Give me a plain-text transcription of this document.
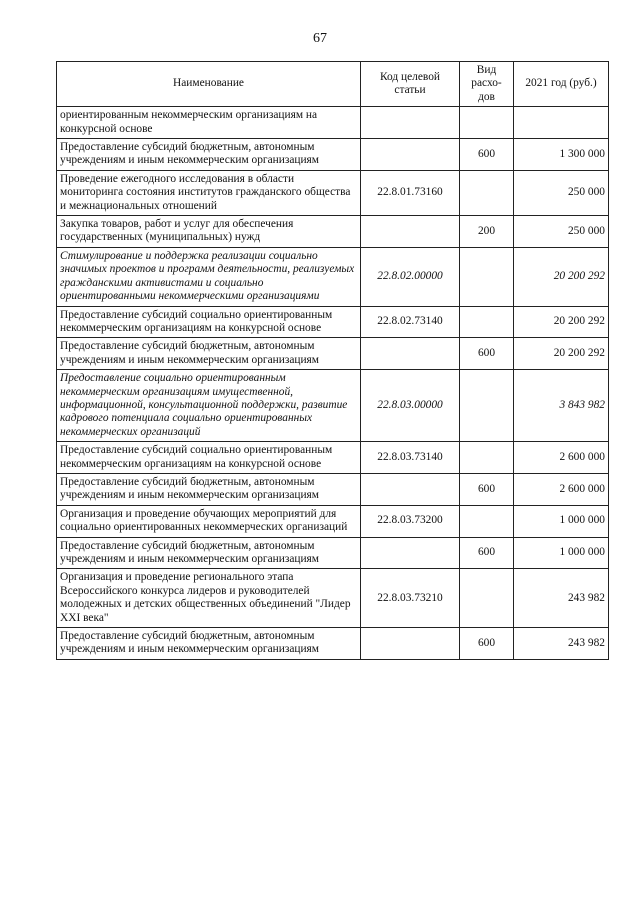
67
Наименование	Код целевой статьи	Вид расхо-дов	2021 год (руб.)
ориентированным некоммерческим организациям на конкурсной основе			
Предоставление субсидий бюджетным, автономным учреждениям и иным некоммерческим организациям		600	1 300 000
Проведение ежегодного исследования в области мониторинга состояния институтов гражданского общества и межнациональных отношений	22.8.01.73160		250 000
Закупка товаров, работ и услуг для обеспечения государственных (муниципальных) нужд		200	250 000
Стимулирование и поддержка реализации социально значимых проектов и программ деятельности, реализуемых гражданскими активистами и социально ориентированными некоммерческими организациями	22.8.02.00000		20 200 292
Предоставление субсидий социально ориентированным некоммерческим организациям на конкурсной основе	22.8.02.73140		20 200 292
Предоставление субсидий бюджетным, автономным учреждениям и иным некоммерческим организациям		600	20 200 292
Предоставление социально ориентированным некоммерческим организациям имущественной, информационной, консультационной поддержки, развитие кадрового потенциала социально ориентированных некоммерческих организаций	22.8.03.00000		3 843 982
Предоставление субсидий социально ориентированным некоммерческим организациям на конкурсной основе	22.8.03.73140		2 600 000
Предоставление субсидий бюджетным, автономным учреждениям и иным некоммерческим организациям		600	2 600 000
Организация и проведение обучающих мероприятий для социально ориентированных некоммерческих организаций	22.8.03.73200		1 000 000
Предоставление субсидий бюджетным, автономным учреждениям и иным некоммерческим организациям		600	1 000 000
Организация и проведение регионального этапа Всероссийского конкурса лидеров и руководителей молодежных и детских общественных объединений "Лидер XXI века"	22.8.03.73210		243 982
Предоставление субсидий бюджетным, автономным учреждениям и иным некоммерческим организациям		600	243 982
